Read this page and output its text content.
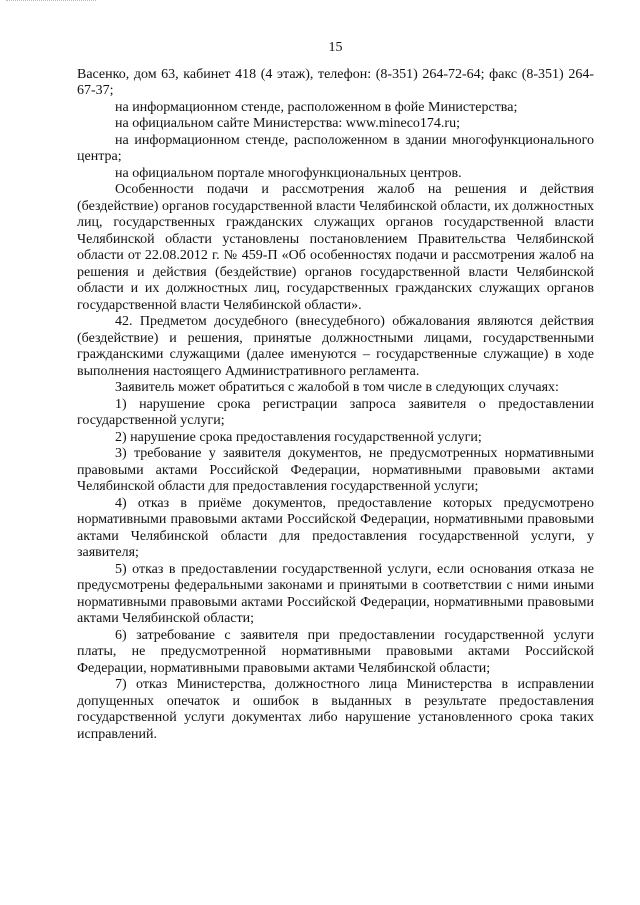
15

Васенко, дом 63, кабинет 418 (4 этаж), телефон: (8-351) 264-72-64; факс (8-351) 264-67-37;

на информационном стенде, расположенном в фойе Министерства;

на официальном сайте Министерства: www.mineco174.ru;

на информационном стенде, расположенном в здании многофункционального центра;

на официальном портале многофункциональных центров.

Особенности подачи и рассмотрения жалоб на решения и действия (бездействие) органов государственной власти Челябинской области, их должностных лиц, государственных гражданских служащих органов государственной власти Челябинской области установлены постановлением Правительства Челябинской области от 22.08.2012 г. № 459-П «Об особенностях подачи и рассмотрения жалоб на решения и действия (бездействие) органов государственной власти Челябинской области и их должностных лиц, государственных гражданских служащих органов государственной власти Челябинской области».

42. Предметом досудебного (внесудебного) обжалования являются действия (бездействие) и решения, принятые должностными лицами, государственными гражданскими служащими (далее именуются – государственные служащие) в ходе выполнения настоящего Административного регламента.

Заявитель может обратиться с жалобой в том числе в следующих случаях:

1) нарушение срока регистрации запроса заявителя о предоставлении государственной услуги;

2) нарушение срока предоставления государственной услуги;

3) требование у заявителя документов, не предусмотренных нормативными правовыми актами Российской Федерации, нормативными правовыми актами Челябинской области для предоставления государственной услуги;

4) отказ в приёме документов, предоставление которых предусмотрено нормативными правовыми актами Российской Федерации, нормативными правовыми актами Челябинской области для предоставления государственной услуги, у заявителя;

5) отказ в предоставлении государственной услуги, если основания отказа не предусмотрены федеральными законами и принятыми в соответствии с ними иными нормативными правовыми актами Российской Федерации, нормативными правовыми актами Челябинской области;

6) затребование с заявителя при предоставлении государственной услуги платы, не предусмотренной нормативными правовыми актами Российской Федерации, нормативными правовыми актами Челябинской области;

7) отказ Министерства, должностного лица Министерства в исправлении допущенных опечаток и ошибок в выданных в результате предоставления государственной услуги документах либо нарушение установленного срока таких исправлений.
